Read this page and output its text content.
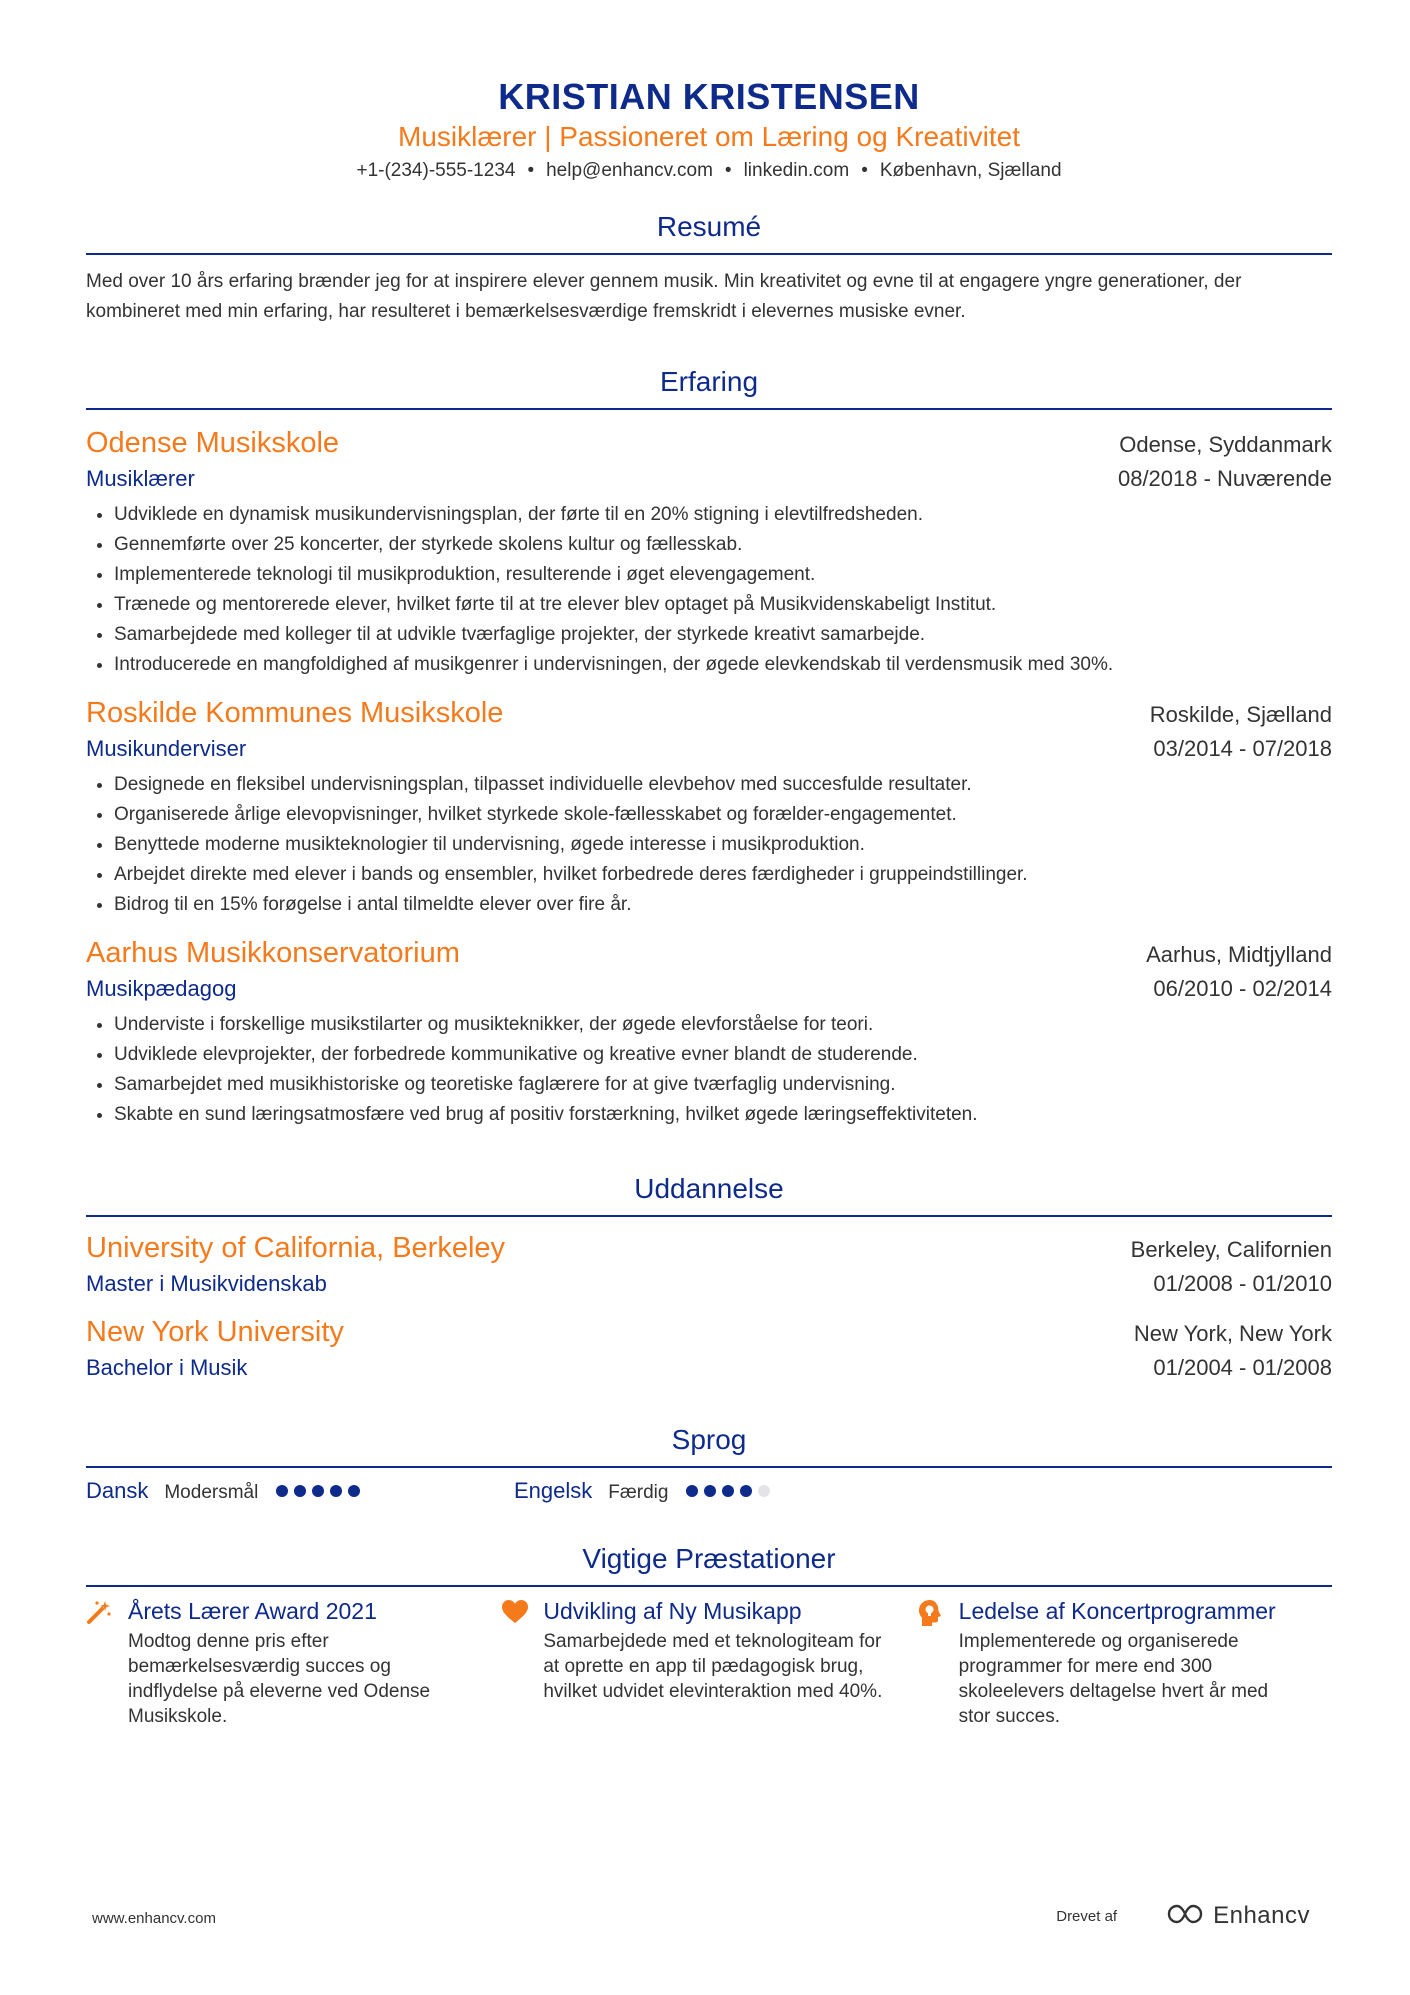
KRISTIAN KRISTENSEN
Musiklærer | Passioneret om Læring og Kreativitet
+1-(234)-555-1234 • help@enhancv.com • linkedin.com • København, Sjælland
Resumé
Med over 10 års erfaring brænder jeg for at inspirere elever gennem musik. Min kreativitet og evne til at engagere yngre generationer, der kombineret med min erfaring, har resulteret i bemærkelsesværdige fremskridt i elevernes musiske evner.
Erfaring
Odense Musikskole	Odense, Syddanmark
Musiklærer	08/2018 - Nuværende
• Udviklede en dynamisk musikundervisningsplan, der førte til en 20% stigning i elevtilfredsheden.
• Gennemførte over 25 koncerter, der styrkede skolens kultur og fællesskab.
• Implementerede teknologi til musikproduktion, resulterende i øget elevengagement.
• Trænede og mentorerede elever, hvilket førte til at tre elever blev optaget på Musikvidenskabeligt Institut.
• Samarbejdede med kolleger til at udvikle tværfaglige projekter, der styrkede kreativt samarbejde.
• Introducerede en mangfoldighed af musikgenrer i undervisningen, der øgede elevkendskab til verdensmusik med 30%.
Roskilde Kommunes Musikskole	Roskilde, Sjælland
Musikunderviser	03/2014 - 07/2018
• Designede en fleksibel undervisningsplan, tilpasset individuelle elevbehov med succesfulde resultater.
• Organiserede årlige elevopvisninger, hvilket styrkede skole-fællesskabet og forælder-engagementet.
• Benyttede moderne musikteknologier til undervisning, øgede interesse i musikproduktion.
• Arbejdet direkte med elever i bands og ensembler, hvilket forbedrede deres færdigheder i gruppeindstillinger.
• Bidrog til en 15% forøgelse i antal tilmeldte elever over fire år.
Aarhus Musikkonservatorium	Aarhus, Midtjylland
Musikpædagog	06/2010 - 02/2014
• Underviste i forskellige musikstilarter og musikteknikker, der øgede elevforståelse for teori.
• Udviklede elevprojekter, der forbedrede kommunikative og kreative evner blandt de studerende.
• Samarbejdet med musikhistoriske og teoretiske faglærere for at give tværfaglig undervisning.
• Skabte en sund læringsatmosfære ved brug af positiv forstærkning, hvilket øgede læringseffektiviteten.
Uddannelse
University of California, Berkeley	Berkeley, Californien
Master i Musikvidenskab	01/2008 - 01/2010
New York University	New York, New York
Bachelor i Musik	01/2004 - 01/2008
Sprog
Dansk Modersmål	Engelsk Færdig
Vigtige Præstationer
Årets Lærer Award 2021
Modtog denne pris efter bemærkelsesværdig succes og indflydelse på eleverne ved Odense Musikskole.
Udvikling af Ny Musikapp
Samarbejdede med et teknologiteam for at oprette en app til pædagogisk brug, hvilket udvidet elevinteraktion med 40%.
Ledelse af Koncertprogrammer
Implementerede og organiserede programmer for mere end 300 skoleelevers deltagelse hvert år med stor succes.
www.enhancv.com	Drevet af	Enhancv
